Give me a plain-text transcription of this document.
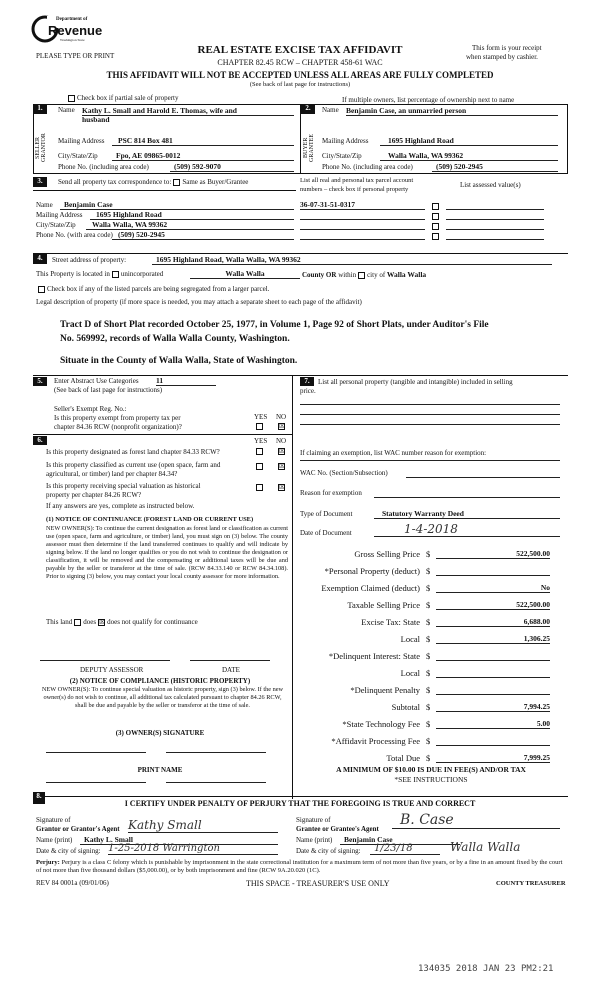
Department of
Revenue
Washington State
PLEASE TYPE OR PRINT	REAL ESTATE EXCISE TAX AFFIDAVIT
CHAPTER 82.45 RCW – CHAPTER 458-61 WAC
This form is your receipt
when stamped by cashier.
THIS AFFIDAVIT WILL NOT BE ACCEPTED UNLESS ALL AREAS ARE FULLY COMPLETED
(See back of last page for instructions)
Check box if partial sale of property	If multiple owners, list percentage of ownership next to name
1.
SELLER GRANTOR
Name Kathy L. Small and Harold E. Thomas, wife and
husband
Mailing Address	PSC 814 Box 481
City/State/Zip	Fpo, AE 09865-0012
Phone No. (including area code)	(509) 592-9070
2.
BUYER GRANTEE
Name Benjamin Case, an unmarried person
Mailing Address	1695 Highland Road
City/State/Zip	Walla Walla, WA 99362
Phone No. (including area code)	(509) 520-2945
3.	Send all property tax correspondence to: Same as Buyer/Grantee	List all real and personal tax parcel account
numbers – check box if personal property
List assessed value(s)
Name	Benjamin Case
Mailing Address	1695 Highland Road
City/State/Zip	Walla Walla, WA 99362
Phone No. (with area code) (509) 520-2945
36-07-31-51-0317
4.	Street address of property:	1695 Highland Road, Walla Walla, WA 99362
This Property is located in unincorporated	Walla Walla	County OR within city of Walla Walla
Check box if any of the listed parcels are being segregated from a larger parcel.
Legal description of property (if more space is needed, you may attach a separate sheet to each page of the affidavit)
Tract D of Short Plat recorded October 25, 1977, in Volume 1, Page 92 of Short Plats, under Auditor's File
No. 569992, records of Walla Walla County, Washington.
Situate in the County of Walla Walla, State of Washington.
5.	Enter Abstract Use Categories 11
(See back of last page for instructions)
Seller's Exempt Reg. No.:
YES NO
Is this property exempt from property tax per
chapter 84.36 RCW (nonprofit organization)?	☒
7.	List all personal property (tangible and intangible) included in selling
price.
6.	YES NO
Is this property designated as forest land chapter 84.33 RCW?	☒
Is this property classified as current use (open space, farm and
agricultural, or timber) land per chapter 84.34?
☒
Is this property receiving special valuation as historical
property per chapter 84.26 RCW?
☒
If any answers are yes, complete as instructed below.
(1) NOTICE OF CONTINUANCE (FOREST LAND OR CURRENT USE)
NEW OWNER(S): To continue the current designation as forest land or classification as current use (open space, farm and agriculture, or timber) land, you must sign on (3) below. The county assessor must then determine if the land transferred continues to qualify and will indicate by signing below. If the land no longer qualifies or you do not wish to continue the designation or classification, it will be removed and the compensating or additional taxes will be due and payable by the seller or transferor at the time of sale. (RCW 84.33.140 or RCW 84.34.108). Prior to signing (3) below, you may contact your local county assessor for more information.
This land does ☒ does not qualify for continuance
DEPUTY ASSESSOR	DATE
(2) NOTICE OF COMPLIANCE (HISTORIC PROPERTY)
NEW OWNER(S): To continue special valuation as historic property, sign (3) below. If the new owner(s) do not wish to continue, all additional tax calculated pursuant to chapter 84.26 RCW, shall be due and payable by the seller or transferor at the time of sale.
(3) OWNER(S) SIGNATURE
PRINT NAME
If claiming an exemption, list WAC number reason for exemption:
WAC No. (Section/Subsection)
Reason for exemption
Type of Document	Statutory Warranty Deed
Date of Document	1-4-2018
Gross Selling Price $	522,500.00
*Personal Property (deduct) $
Exemption Claimed (deduct) $	No
Taxable Selling Price $	522,500.00
Excise Tax: State $	6,688.00
Local $	1,306.25
*Delinquent Interest: State $
Local $
*Delinquent Penalty $
Subtotal $	7,994.25
*State Technology Fee $	5.00
*Affidavit Processing Fee $
Total Due $	7,999.25
A MINIMUM OF $10.00 IS DUE IN FEE(S) AND/OR TAX
*SEE INSTRUCTIONS
8.
I CERTIFY UNDER PENALTY OF PERJURY THAT THE FOREGOING IS TRUE AND CORRECT
Signature of
Grantor or Grantor's Agent Kathy Small
Name (print)	Kathy L. Small
Date & city of signing: 1-25-2018 Warrington
Signature of
Grantee or Grantee's Agent
B. Case
Name (print)	Benjamin Case
Date & city of signing:	1/23/18	Walla Walla
Perjury: Perjury is a class C felony which is punishable by imprisonment in the state correctional institution for a maximum term of not more than five years, or by a fine in an amount fixed by the court of not more than five thousand dollars ($5,000.00), or by both imprisonment and fine (RCW 9A.20.020 (1C).
REV 84 0001a (09/01/06)	THIS SPACE - TREASURER'S USE ONLY	COUNTY TREASURER
134035 2018 JAN 23 PM2:21
